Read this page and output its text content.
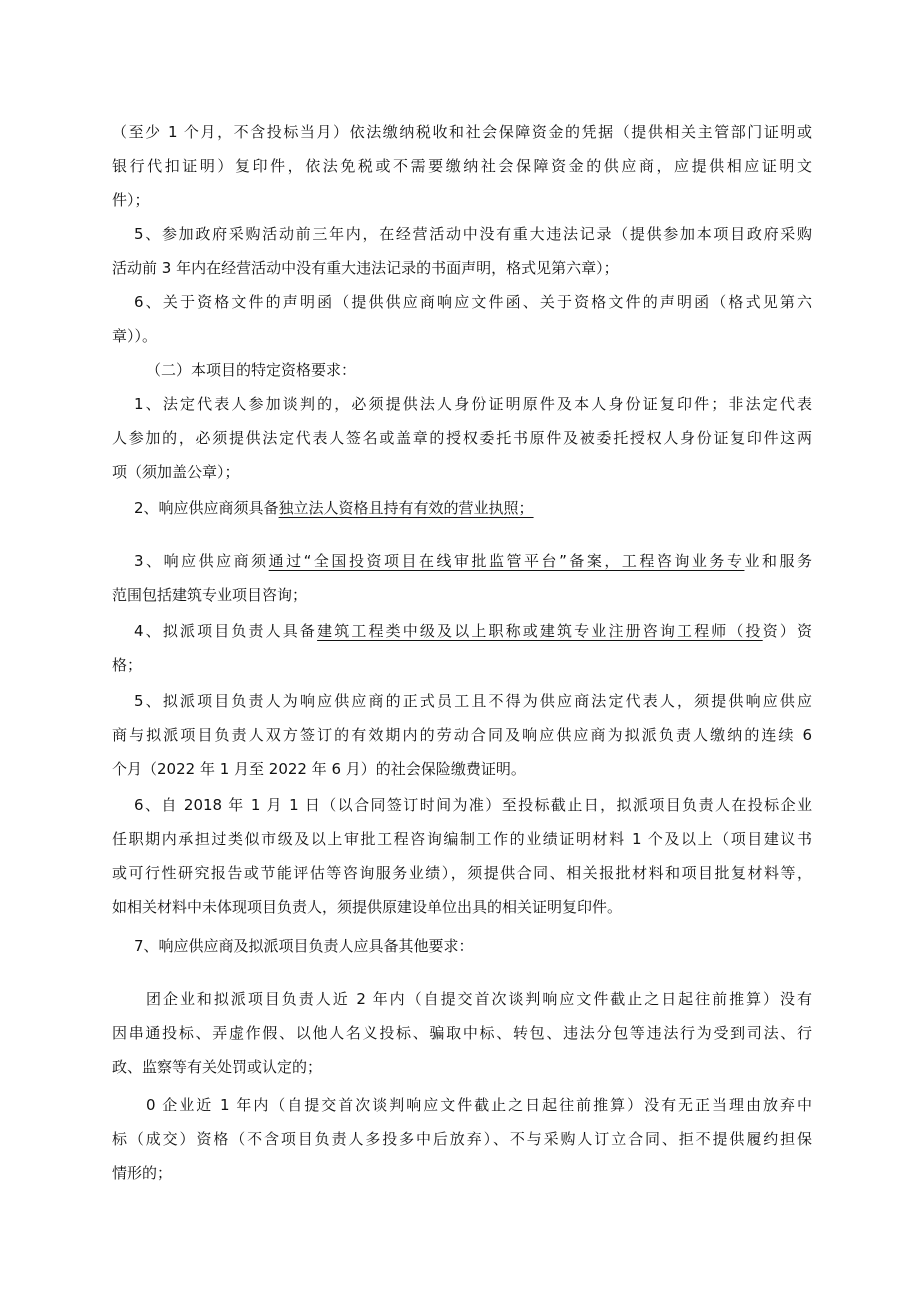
（至少 1 个月，不含投标当月）依法缴纳税收和社会保障资金的凭据（提供相关主管部门证明或
银行代扣证明）复印件，依法免税或不需要缴纳社会保障资金的供应商，应提供相应证明文
件）；
5、参加政府采购活动前三年内，在经营活动中没有重大违法记录（提供参加本项目政府采购
活动前 3 年内在经营活动中没有重大违法记录的书面声明，格式见第六章）；
6、关于资格文件的声明函（提供供应商响应文件函、关于资格文件的声明函（格式见第六
章））。
（二）本项目的特定资格要求：
1、法定代表人参加谈判的，必须提供法人身份证明原件及本人身份证复印件；非法定代表
人参加的，必须提供法定代表人签名或盖章的授权委托书原件及被委托授权人身份证复印件这两
项（须加盖公章）；
2、响应供应商须具备独立法人资格且持有有效的营业执照；
3、响应供应商须通过“全国投资项目在线审批监管平台”备案，工程咨询业务专业和服务
范围包括建筑专业项目咨询；
4、拟派项目负责人具备建筑工程类中级及以上职称或建筑专业注册咨询工程师（投资）资
格；
5、拟派项目负责人为响应供应商的正式员工且不得为供应商法定代表人，须提供响应供应
商与拟派项目负责人双方签订的有效期内的劳动合同及响应供应商为拟派负责人缴纳的连续 6
个月（2022 年 1 月至 2022 年 6 月）的社会保险缴费证明。
6、自 2018 年 1 月 1 日（以合同签订时间为准）至投标截止日，拟派项目负责人在投标企业
任职期内承担过类似市级及以上审批工程咨询编制工作的业绩证明材料 1 个及以上（项目建议书
或可行性研究报告或节能评估等咨询服务业绩），须提供合同、相关报批材料和项目批复材料等，
如相关材料中未体现项目负责人，须提供原建设单位出具的相关证明复印件。
7、响应供应商及拟派项目负责人应具备其他要求：
团企业和拟派项目负责人近 2 年内（自提交首次谈判响应文件截止之日起往前推算）没有
因串通投标、弄虚作假、以他人名义投标、骗取中标、转包、违法分包等违法行为受到司法、行
政、监察等有关处罚或认定的；
0 企业近 1 年内（自提交首次谈判响应文件截止之日起往前推算）没有无正当理由放弃中
标（成交）资格（不含项目负责人多投多中后放弃）、不与采购人订立合同、拒不提供履约担保
情形的；
